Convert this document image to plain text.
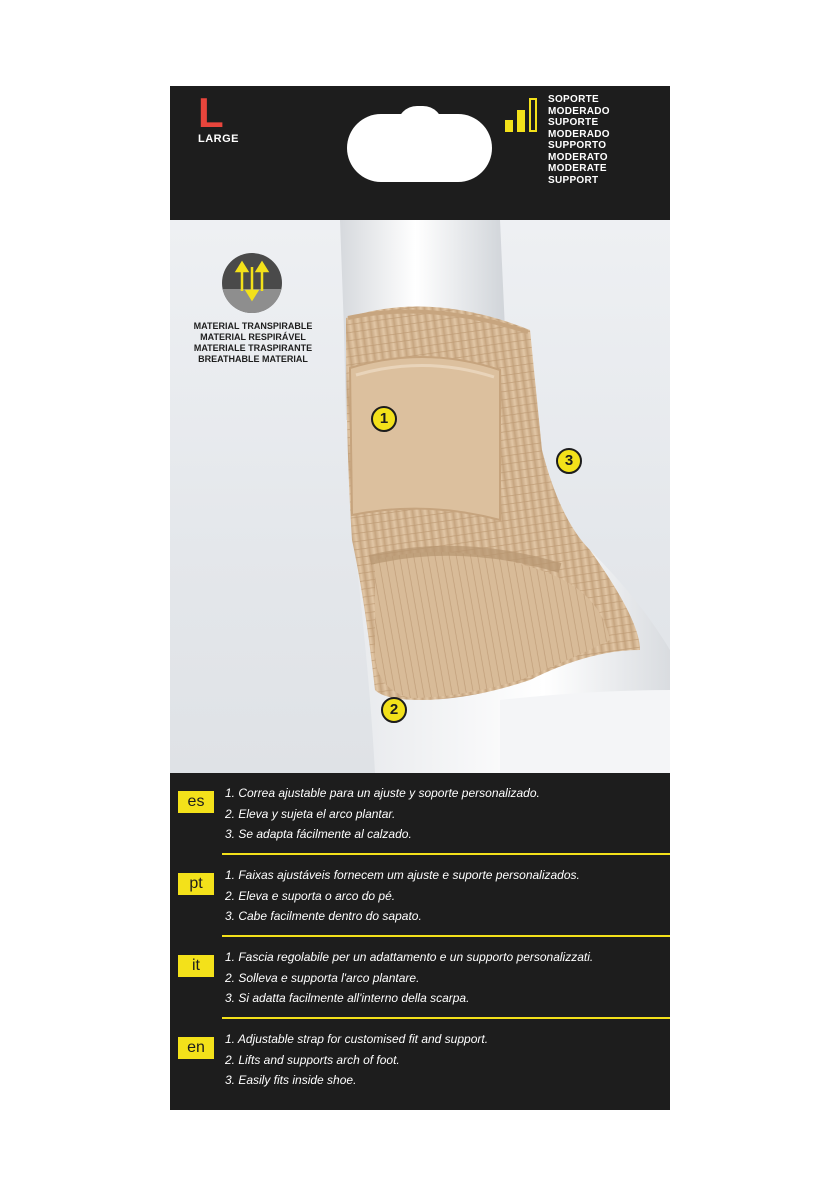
L
LARGE
SOPORTE
MODERADO
SUPORTE
MODERADO
SUPPORTO
MODERATO
MODERATE
SUPPORT
MATERIAL TRANSPIRABLE
MATERIAL RESPIRÁVEL
MATERIALE TRASPIRANTE
BREATHABLE MATERIAL
1
2
3
es	1. Correa ajustable para un ajuste y soporte personalizado.
2. Eleva y sujeta el arco plantar.
3. Se adapta fácilmente al calzado.
pt	1. Faixas ajustáveis fornecem um ajuste e suporte personalizados.
2. Eleva e suporta o arco do pé.
3. Cabe facilmente dentro do sapato.
it	1. Fascia regolabile per un adattamento e un supporto personalizzati.
2. Solleva e supporta l'arco plantare.
3. Si adatta facilmente all'interno della scarpa.
en	1. Adjustable strap for customised fit and support.
2. Lifts and supports arch of foot.
3. Easily fits inside shoe.
